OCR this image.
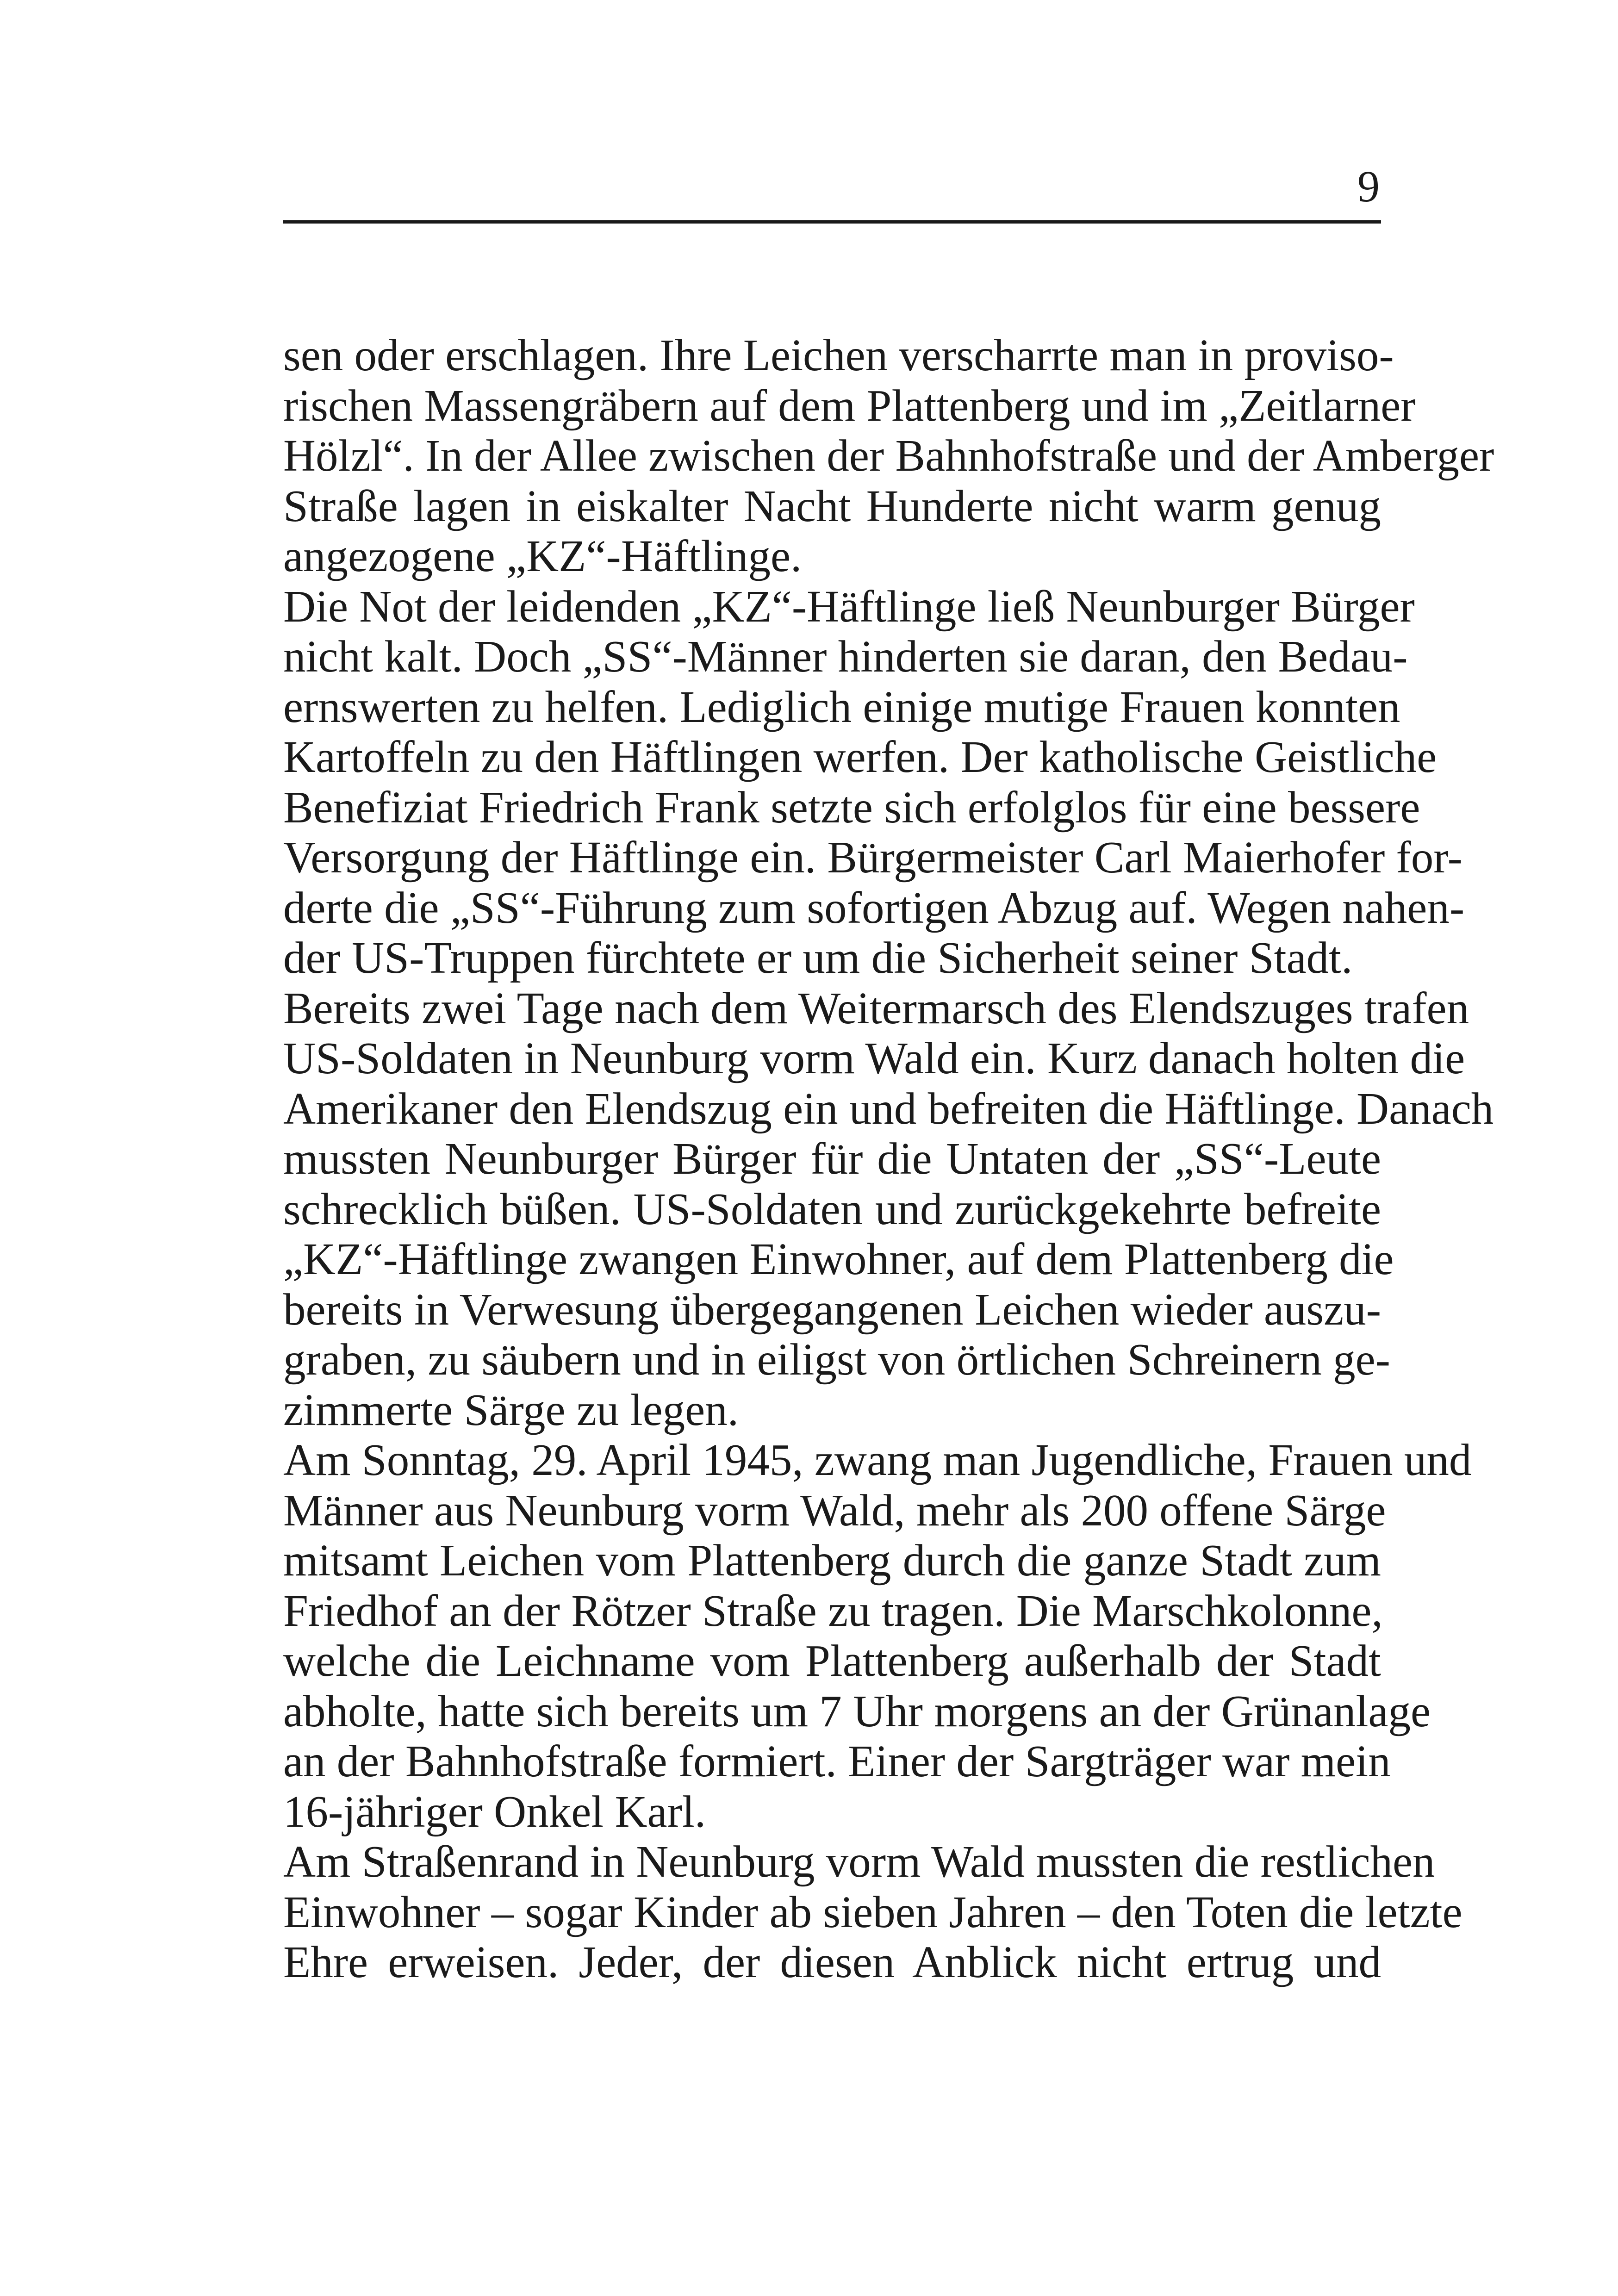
9
sen oder erschlagen. Ihre Leichen verscharrte man in proviso-
rischen Massengräbern auf dem Plattenberg und im „Zeitlarner
Hölzl“. In der Allee zwischen der Bahnhofstraße und der Amberger
Straße lagen in eiskalter Nacht Hunderte nicht warm genug
angezogene „KZ“-Häftlinge.
Die Not der leidenden „KZ“-Häftlinge ließ Neunburger Bürger
nicht kalt. Doch „SS“-Männer hinderten sie daran, den Bedau-
ernswerten zu helfen. Lediglich einige mutige Frauen konnten
Kartoffeln zu den Häftlingen werfen. Der katholische Geistliche
Benefiziat Friedrich Frank setzte sich erfolglos für eine bessere
Versorgung der Häftlinge ein. Bürgermeister Carl Maierhofer for-
derte die „SS“-Führung zum sofortigen Abzug auf. Wegen nahen-
der US-Truppen fürchtete er um die Sicherheit seiner Stadt.
Bereits zwei Tage nach dem Weitermarsch des Elendszuges trafen
US-Soldaten in Neunburg vorm Wald ein. Kurz danach holten die
Amerikaner den Elendszug ein und befreiten die Häftlinge. Danach
mussten Neunburger Bürger für die Untaten der „SS“-Leute
schrecklich büßen. US-Soldaten und zurückgekehrte befreite
„KZ“-Häftlinge zwangen Einwohner, auf dem Plattenberg die
bereits in Verwesung übergegangenen Leichen wieder auszu-
graben, zu säubern und in eiligst von örtlichen Schreinern ge-
zimmerte Särge zu legen.
Am Sonntag, 29. April 1945, zwang man Jugendliche, Frauen und
Männer aus Neunburg vorm Wald, mehr als 200 offene Särge
mitsamt Leichen vom Plattenberg durch die ganze Stadt zum
Friedhof an der Rötzer Straße zu tragen. Die Marschkolonne,
welche die Leichname vom Plattenberg außerhalb der Stadt
abholte, hatte sich bereits um 7 Uhr morgens an der Grünanlage
an der Bahnhofstraße formiert. Einer der Sargträger war mein
16-jähriger Onkel Karl.
Am Straßenrand in Neunburg vorm Wald mussten die restlichen
Einwohner – sogar Kinder ab sieben Jahren – den Toten die letzte
Ehre erweisen. Jeder, der diesen Anblick nicht ertrug und
